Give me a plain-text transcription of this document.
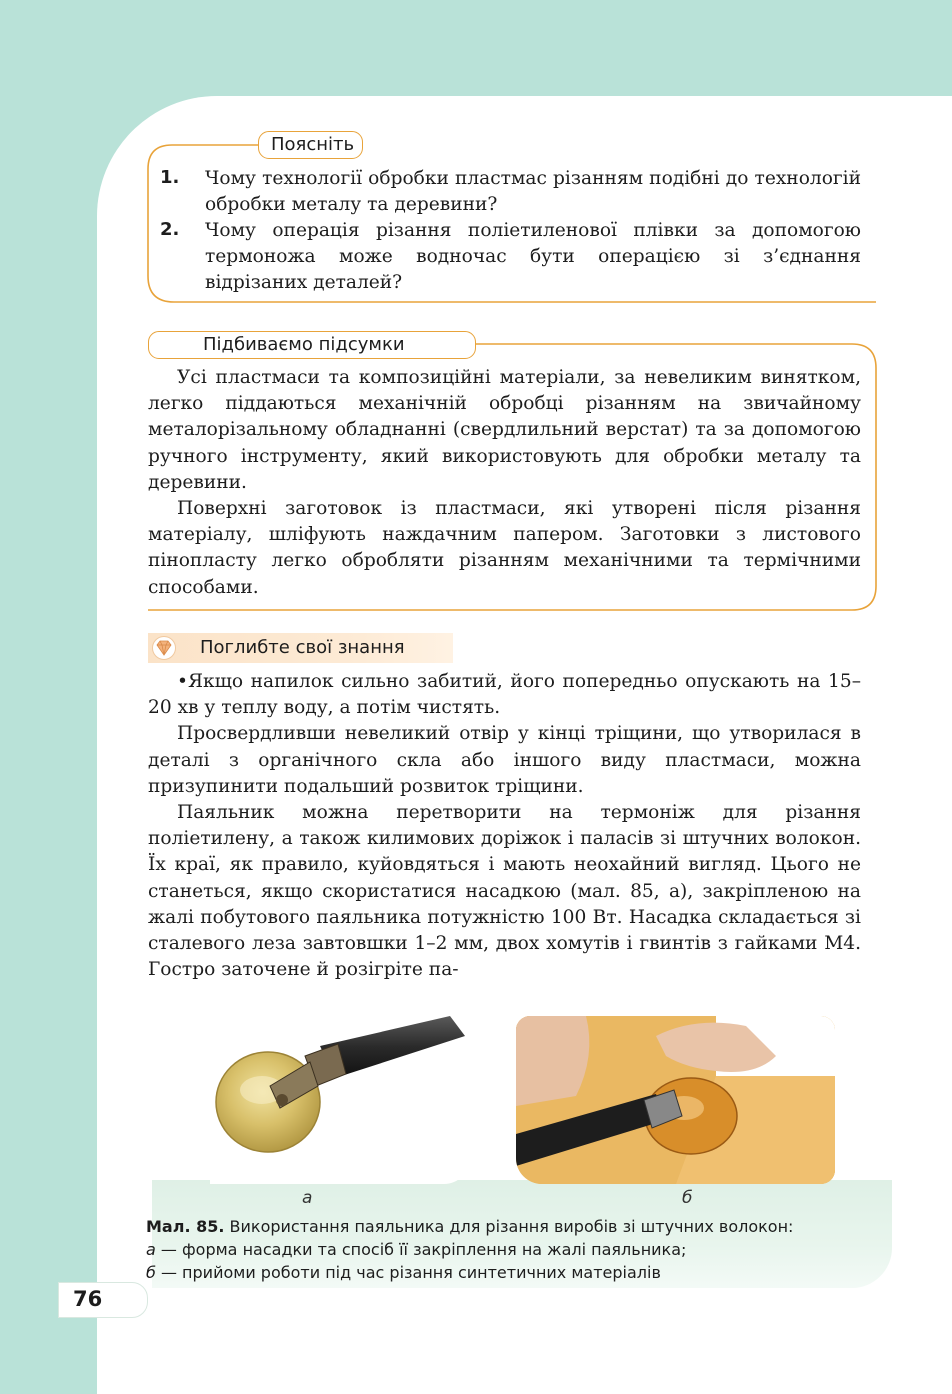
Поясніть
1. Чому технології обробки пластмас різанням подібні до технологій обробки металу та деревини?
2. Чому операція різання поліетиленової плівки за допомогою термоножа може водночас бути операцією зі з’єднання відрізаних деталей?
Підбиваємо підсумки

Усі пластмаси та композиційні матеріали, за невеликим винятком, легко піддаються механічній обробці різанням на звичайному металорізальному обладнанні (свердлильний верстат) та за допомогою ручного інструменту, який використовують для обробки металу та деревини.

Поверхні заготовок із пластмаси, які утворені після різання матеріалу, шліфують наждачним папером. Заготовки з листового пінопласту легко обробляти різанням механічними та термічними способами.

Поглибте свої знання

•Якщо напилок сильно забитий, його попередньо опускають на 15–20 хв у теплу воду, а потім чистять.

Просвердливши невеликий отвір у кінці тріщини, що утворилася в деталі з органічного скла або іншого виду пластмаси, можна призупинити подальший розвиток тріщини.

Паяльник можна перетворити на термоніж для різання поліетилену, а також килимових доріжок і паласів зі штучних волокон. Їх краї, як правило, куйовдяться і мають неохайний вигляд. Цього не станеться, якщо скористатися насадкою (мал. 85, а), закріпленою на жалі побутового паяльника потужністю 100 Вт. Насадка складається зі сталевого леза завтовшки 1–2 мм, двох хомутів і гвинтів з гайками М4. Гостро заточене й розігріте па-

а	б
Мал. 85. Використання паяльника для різання виробів зі штучних волокон:
а — форма насадки та спосіб її закріплення на жалі паяльника;
б — прийоми роботи під час різання синтетичних матеріалів
76
